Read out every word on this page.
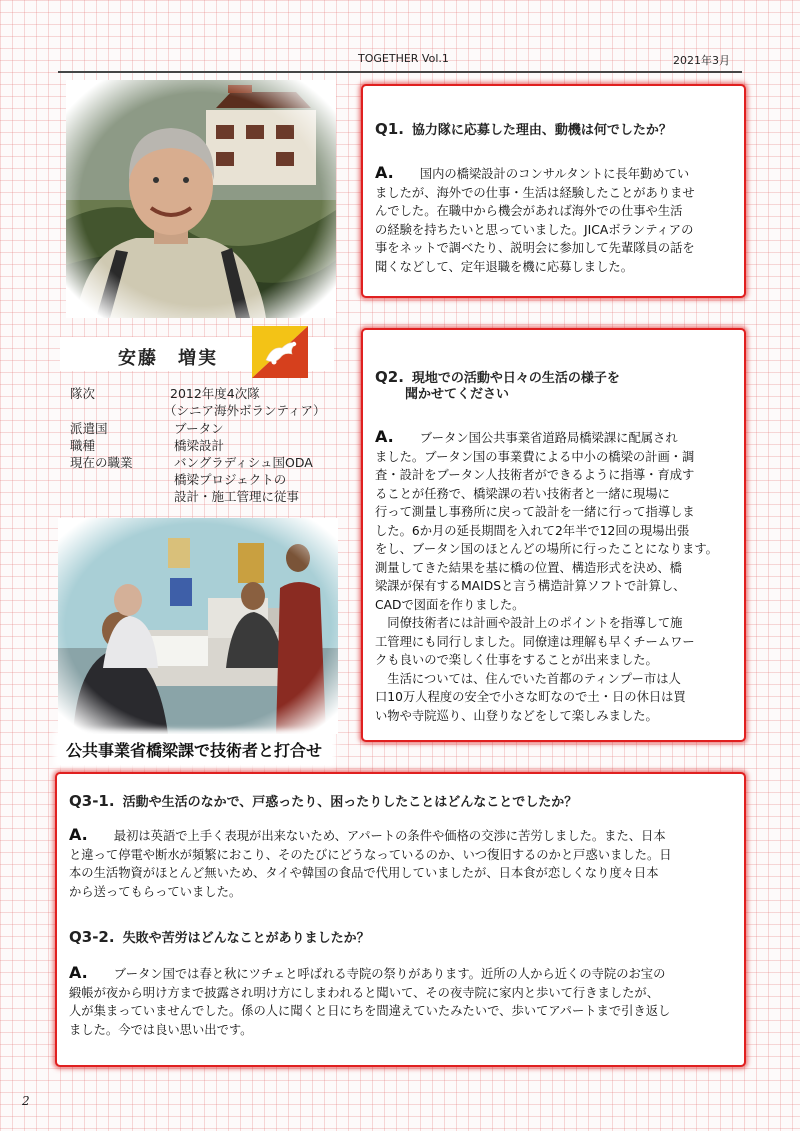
TOGETHER Vol.1	2021年3月
安藤　増実
隊次	2012年度4次隊
（シニア海外ボランティア）
派遣国	ブータン
職種	橋梁設計
現在の職業	バングラディシュ国ODA
橋梁プロジェクトの
設計・施工管理に従事
公共事業省橋梁課で技術者と打合せ
Q1. 協力隊に応募した理由、動機は何でしたか？
A. 国内の橋梁設計のコンサルタントに長年勤めてい
ましたが、海外での仕事・生活は経験したことがありませ
んでした。在職中から機会があれば海外での仕事や生活
の経験を持ちたいと思っていました。JICAボランティアの
事をネットで調べたり、説明会に参加して先輩隊員の話を
聞くなどして、定年退職を機に応募しました。
Q2. 現地での活動や日々の生活の様子を
聞かせてください
A. ブータン国公共事業省道路局橋梁課に配属され
ました。ブータン国の事業費による中小の橋梁の計画・調
査・設計をブータン人技術者ができるように指導・育成す
ることが任務で、橋梁課の若い技術者と一緒に現場に
行って測量し事務所に戻って設計を一緒に行って指導しま
した。6か月の延長期間を入れて2年半で12回の現場出張
をし、ブータン国のほとんどの場所に行ったことになります。
測量してきた結果を基に橋の位置、構造形式を決め、橋
梁課が保有するMAIDSと言う構造計算ソフトで計算し、
CADで図面を作りました。
　同僚技術者には計画や設計上のポイントを指導して施
工管理にも同行しました。同僚達は理解も早くチームワー
クも良いので楽しく仕事をすることが出来ました。
　生活については、住んでいた首都のティンプー市は人
口10万人程度の安全で小さな町なので土・日の休日は買
い物や寺院巡り、山登りなどをして楽しみました。
Q3-1. 活動や生活のなかで、戸惑ったり、困ったりしたことはどんなことでしたか？
A. 最初は英語で上手く表現が出来ないため、アパートの条件や価格の交渉に苦労しました。また、日本
と違って停電や断水が頻繁におこり、そのたびにどうなっているのか、いつ復旧するのかと戸惑いました。日
本の生活物資がほとんど無いため、タイや韓国の食品で代用していましたが、日本食が恋しくなり度々日本
から送ってもらっていました。
Q3-2. 失敗や苦労はどんなことがありましたか？
A. ブータン国では春と秋にツチェと呼ばれる寺院の祭りがあります。近所の人から近くの寺院のお宝の
緞帳が夜から明け方まで披露され明け方にしまわれると聞いて、その夜寺院に家内と歩いて行きましたが、
人が集まっていませんでした。係の人に聞くと日にちを間違えていたみたいで、歩いてアパートまで引き返し
ました。今では良い思い出です。
2
